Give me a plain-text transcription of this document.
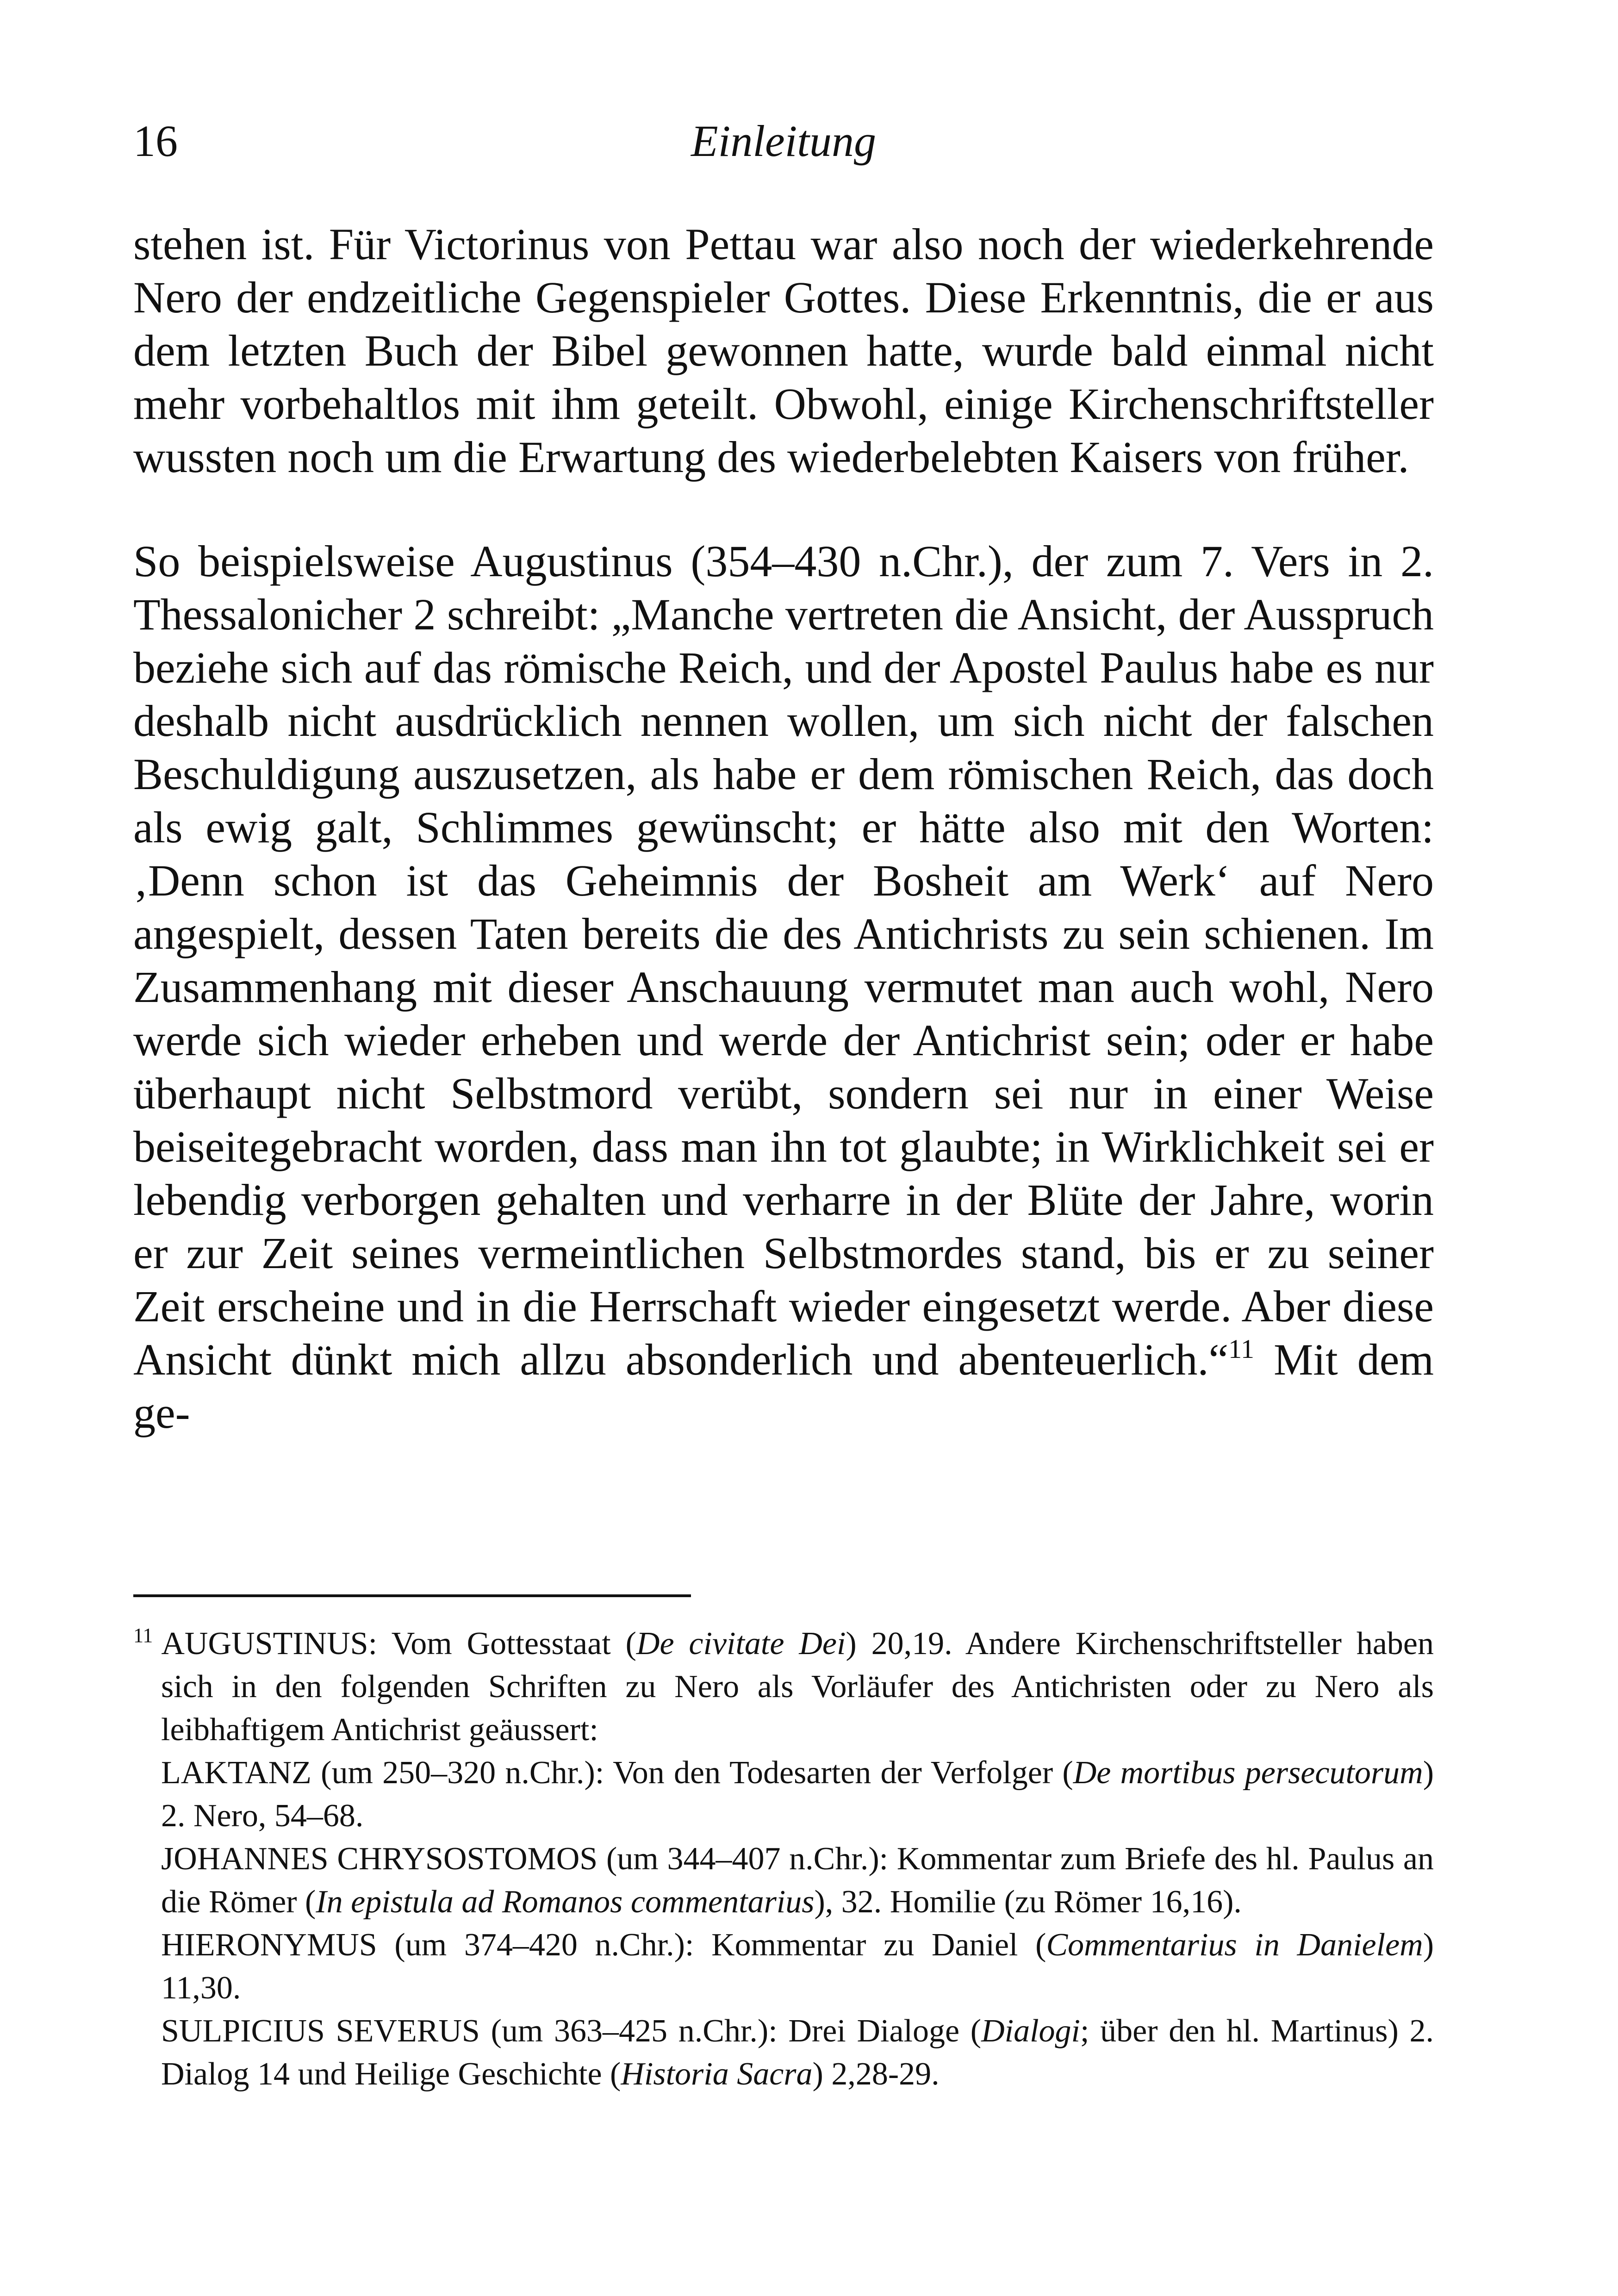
16	Einleitung

stehen ist. Für Victorinus von Pettau war also noch der wiederkehrende Nero der endzeitliche Gegenspieler Gottes. Diese Erkenntnis, die er aus dem letzten Buch der Bibel gewonnen hatte, wurde bald einmal nicht mehr vorbehaltlos mit ihm geteilt. Obwohl, einige Kirchenschriftsteller wussten noch um die Erwartung des wiederbelebten Kaisers von früher.

So beispielsweise Augustinus (354–430 n.Chr.), der zum 7. Vers in 2. Thessalonicher 2 schreibt: „Manche vertreten die Ansicht, der Ausspruch beziehe sich auf das römische Reich, und der Apostel Paulus habe es nur deshalb nicht ausdrücklich nennen wollen, um sich nicht der falschen Beschuldigung auszusetzen, als habe er dem römischen Reich, das doch als ewig galt, Schlimmes gewünscht; er hätte also mit den Worten: ‚Denn schon ist das Geheimnis der Bosheit am Werk‘ auf Nero angespielt, dessen Taten bereits die des Antichrists zu sein schienen. Im Zusammenhang mit dieser Anschauung vermutet man auch wohl, Nero werde sich wieder erheben und werde der Antichrist sein; oder er habe überhaupt nicht Selbstmord verübt, sondern sei nur in einer Weise beiseitegebracht worden, dass man ihn tot glaubte; in Wirklichkeit sei er lebendig verborgen gehalten und verharre in der Blüte der Jahre, worin er zur Zeit seines vermeintlichen Selbstmordes stand, bis er zu seiner Zeit erscheine und in die Herrschaft wieder eingesetzt werde. Aber diese Ansicht dünkt mich allzu absonderlich und abenteuerlich.“$^{11}$ Mit dem ge-

$^{11}$ AUGUSTINUS: Vom Gottesstaat (De civitate Dei) 20,19. Andere Kirchenschriftsteller haben sich in den folgenden Schriften zu Nero als Vorläufer des Antichristen oder zu Nero als leibhaftigem Antichrist geäussert:

LAKTANZ (um 250–320 n.Chr.): Von den Todesarten der Verfolger (De mortibus persecutorum) 2. Nero, 54–68.

JOHANNES CHRYSOSTOMOS (um 344–407 n.Chr.): Kommentar zum Briefe des hl. Paulus an die Römer (In epistula ad Romanos commentarius), 32. Homilie (zu Römer 16,16).

HIERONYMUS (um 374–420 n.Chr.): Kommentar zu Daniel (Commentarius in Danielem) 11,30.

SULPICIUS SEVERUS (um 363–425 n.Chr.): Drei Dialoge (Dialogi; über den hl. Martinus) 2. Dialog 14 und Heilige Geschichte (Historia Sacra) 2,28-29.
